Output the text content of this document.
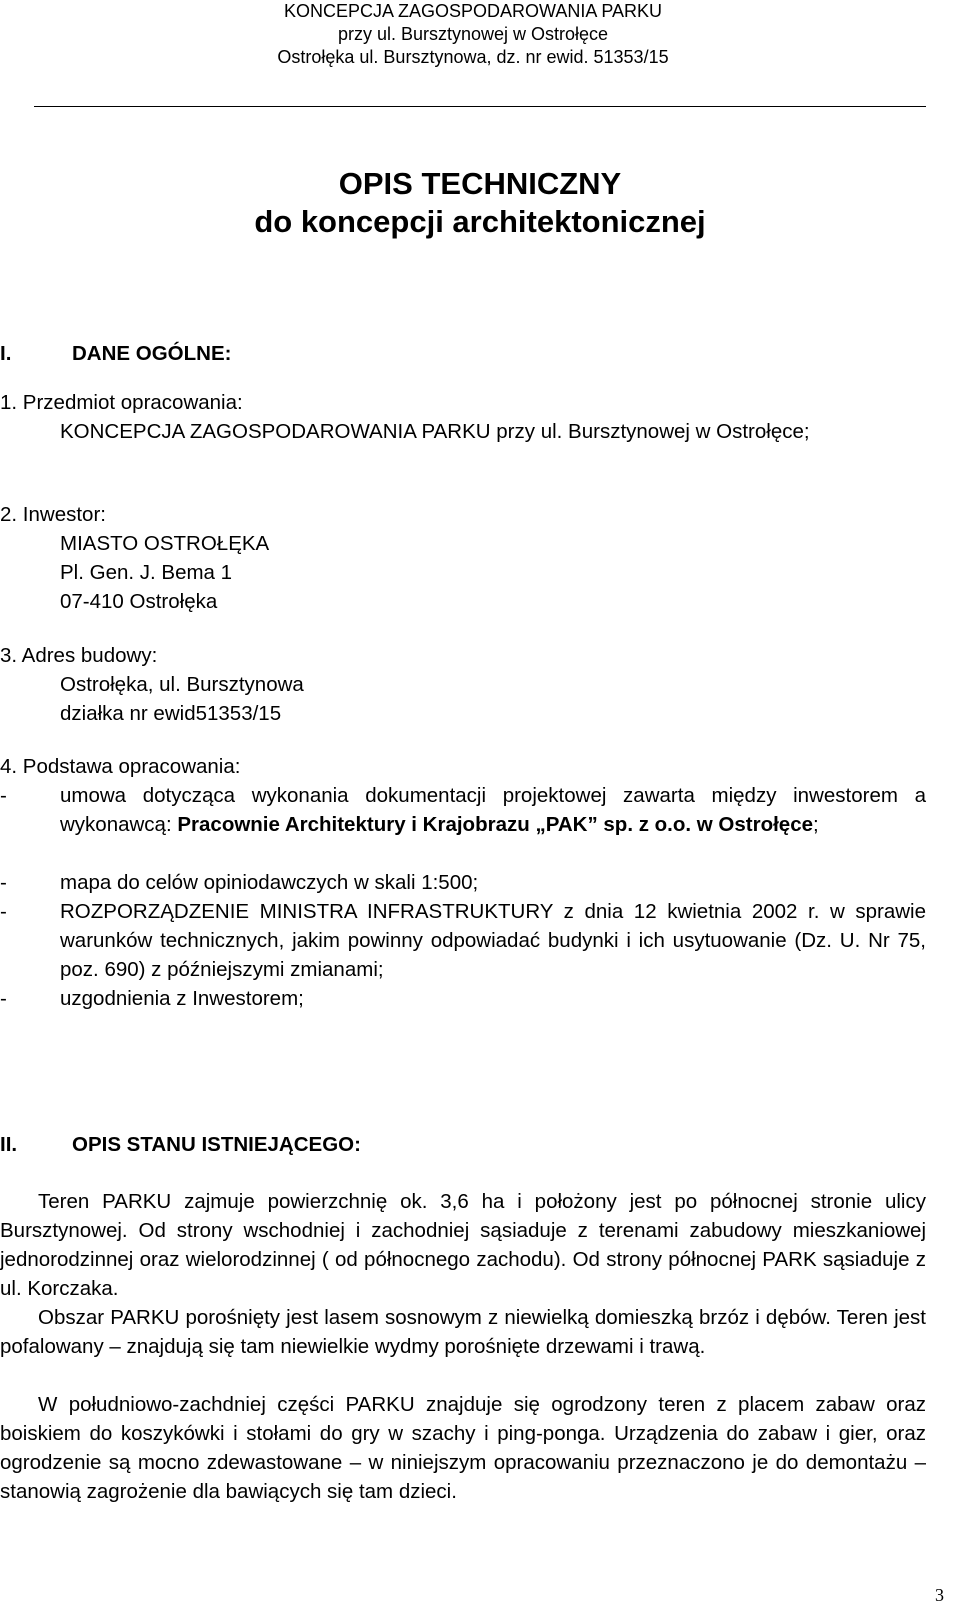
KONCEPCJA ZAGOSPODAROWANIA PARKU
przy ul. Bursztynowej w Ostrołęce
Ostrołęka ul. Bursztynowa, dz. nr ewid. 51353/15
OPIS TECHNICZNY
do koncepcji architektonicznej
I.	DANE OGÓLNE:
1. Przedmiot opracowania:
KONCEPCJA ZAGOSPODAROWANIA PARKU przy ul. Bursztynowej w Ostrołęce;
2. Inwestor:
MIASTO OSTROŁĘKA
Pl. Gen. J. Bema 1
07-410 Ostrołęka
3. Adres budowy:
Ostrołęka, ul. Bursztynowa
działka nr ewid51353/15
4. Podstawa opracowania:
-	umowa dotycząca wykonania dokumentacji projektowej zawarta między inwestorem a wykonawcą: Pracownie Architektury i Krajobrazu „PAK” sp. z o.o. w Ostrołęce;
-	mapa do celów opiniodawczych w skali 1:500;
-	ROZPORZĄDZENIE MINISTRA INFRASTRUKTURY z dnia 12 kwietnia 2002 r. w sprawie warunków technicznych, jakim powinny odpowiadać budynki i ich usytuowanie (Dz. U. Nr 75, poz. 690) z późniejszymi zmianami;
-	uzgodnienia z Inwestorem;
II.	OPIS STANU ISTNIEJĄCEGO:
Teren PARKU zajmuje powierzchnię ok. 3,6 ha i położony jest po północnej stronie ulicy Bursztynowej. Od strony wschodniej i zachodniej sąsiaduje z terenami zabudowy mieszkaniowej jednorodzinnej oraz wielorodzinnej ( od północnego zachodu). Od strony północnej PARK sąsiaduje z ul. Korczaka.
Obszar PARKU porośnięty jest lasem sosnowym z niewielką domieszką brzóz i dębów. Teren jest pofalowany – znajdują się tam niewielkie wydmy porośnięte drzewami i trawą.
W południowo-zachdniej części PARKU znajduje się ogrodzony teren z placem zabaw oraz boiskiem do koszykówki i stołami do gry w szachy i ping-ponga. Urządzenia do zabaw i gier, oraz ogrodzenie są mocno zdewastowane – w niniejszym opracowaniu przeznaczono je do demontażu – stanowią zagrożenie dla bawiących się tam dzieci.
3
